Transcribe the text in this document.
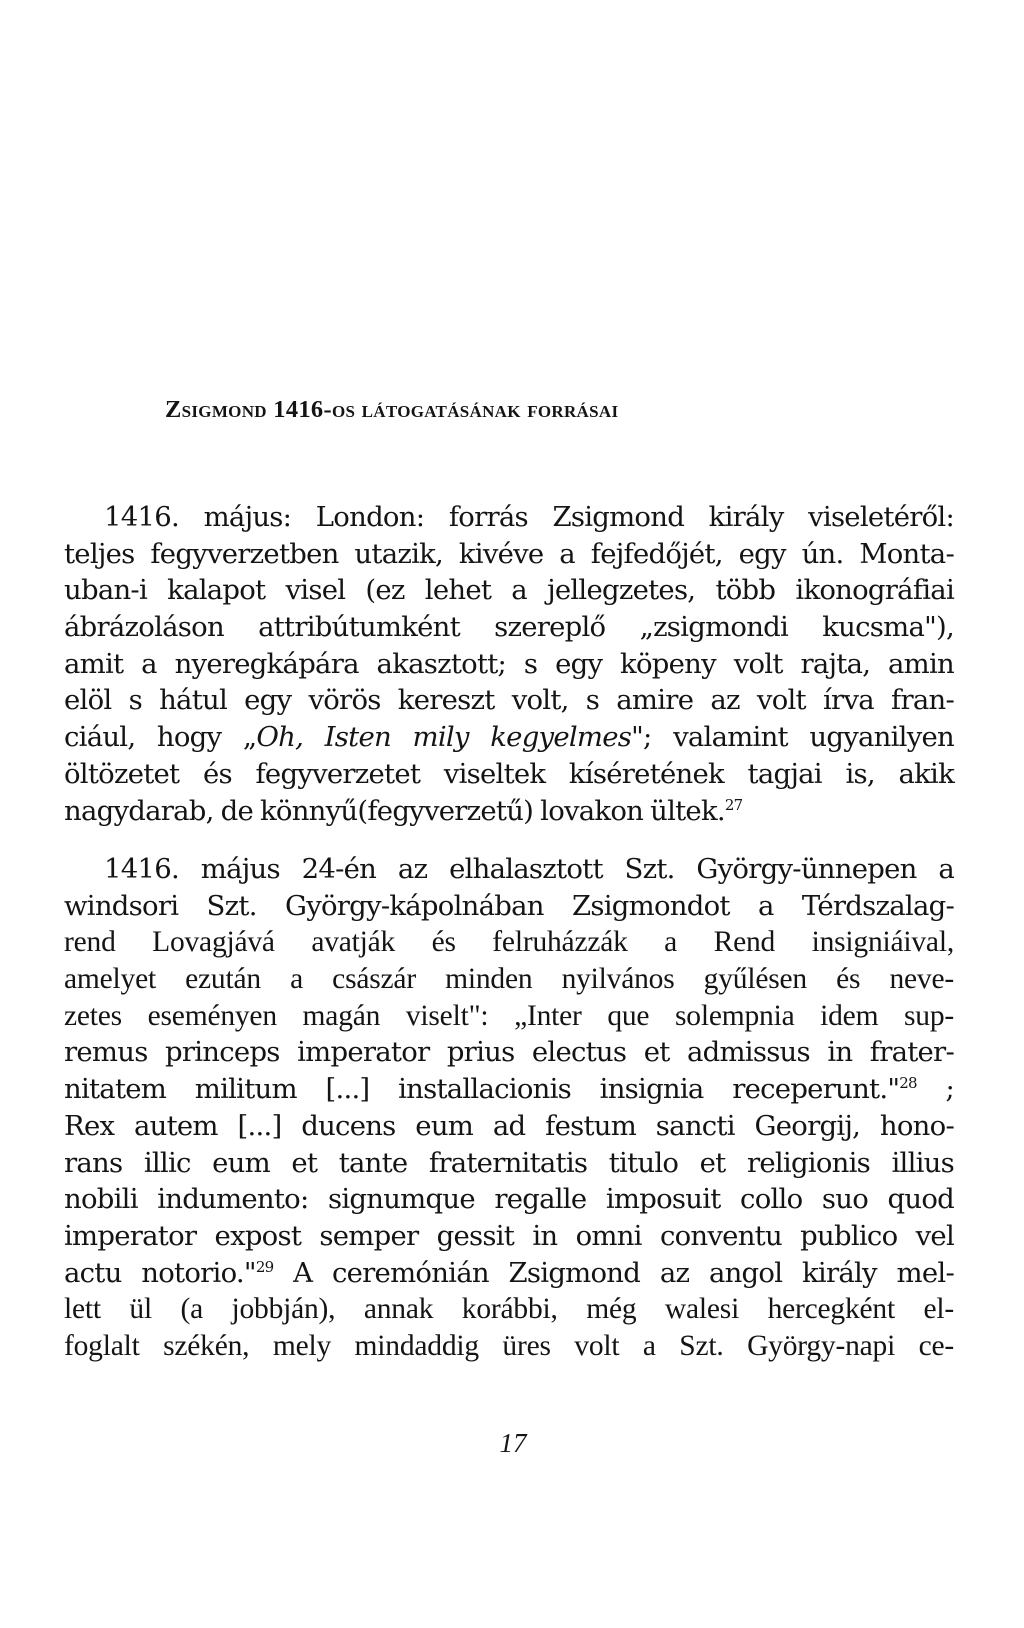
Zsigmond 1416-os látogatásának forrásai
1416. május: London: forrás Zsigmond király viseletéről:
teljes fegyverzetben utazik, kivéve a fejfedőjét, egy ún. Monta-
uban-i kalapot visel (ez lehet a jellegzetes, több ikonográfiai
ábrázoláson attribútumként szereplő „zsigmondi kucsma"),
amit a nyeregkápára akasztott; s egy köpeny volt rajta, amin
elöl s hátul egy vörös kereszt volt, s amire az volt írva fran-
ciául, hogy „Oh, Isten mily kegyelmes"; valamint ugyanilyen
öltözetet és fegyverzetet viseltek kíséretének tagjai is, akik
nagydarab, de könnyű(fegyverzetű) lovakon ültek.$^{27}$
1416. május 24-én az elhalasztott Szt. György-ünnepen a
windsori Szt. György-kápolnában Zsigmondot a Térdszalag-
rend Lovagjává avatják és felruházzák a Rend insigniáival,
amelyet ezután a császár minden nyilvános gyűlésen és neve-
zetes eseményen magán viselt": „Inter que solempnia idem sup-
remus princeps imperator prius electus et admissus in frater-
nitatem militum [...] installacionis insignia receperunt."$^{28}$ ;
Rex autem [...] ducens eum ad festum sancti Georgij, hono-
rans illic eum et tante fraternitatis titulo et religionis illius
nobili indumento: signumque regalle imposuit collo suo quod
imperator expost semper gessit in omni conventu publico vel
actu notorio."$^{29}$ A ceremónián Zsigmond az angol király mel-
lett ül (a jobbján), annak korábbi, még walesi hercegként el-
foglalt székén, mely mindaddig üres volt a Szt. György-napi ce-
17
